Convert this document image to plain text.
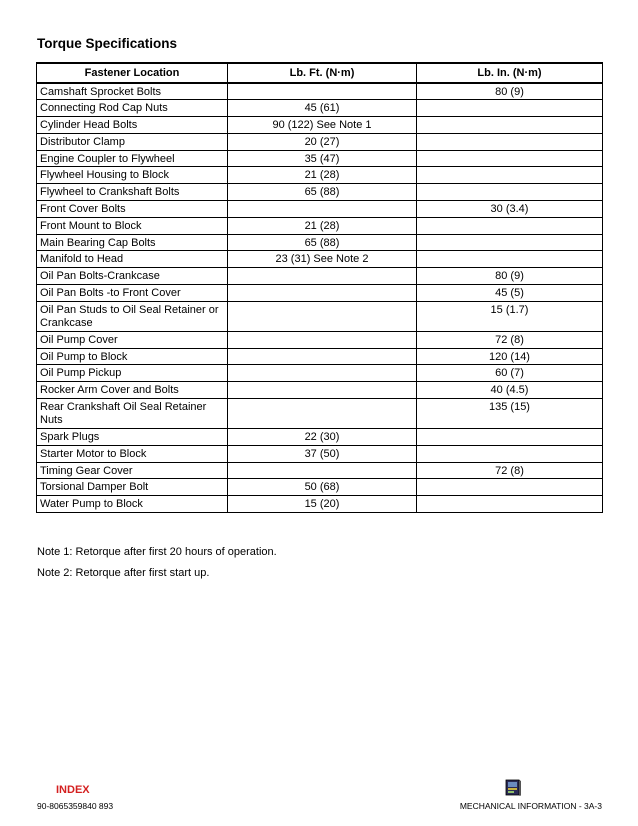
Torque Specifications
Fastener Location	Lb. Ft. (N·m)	Lb. In. (N·m)
Camshaft Sprocket Bolts		80 (9)
Connecting Rod Cap Nuts	45 (61)	
Cylinder Head Bolts	90 (122) See Note 1	
Distributor Clamp	20 (27)	
Engine Coupler to Flywheel	35 (47)	
Flywheel Housing to Block	21 (28)	
Flywheel to Crankshaft Bolts	65 (88)	
Front Cover Bolts		30 (3.4)
Front Mount to Block	21 (28)	
Main Bearing Cap Bolts	65 (88)	
Manifold to Head	23 (31) See Note 2	
Oil Pan Bolts-Crankcase		80 (9)
Oil Pan Bolts -to Front Cover		45 (5)
Oil Pan Studs to Oil Seal Retainer or Crankcase		15 (1.7)
Oil Pump Cover		72 (8)
Oil Pump to Block		120 (14)
Oil Pump Pickup		60 (7)
Rocker Arm Cover and Bolts		40 (4.5)
Rear Crankshaft Oil Seal Retainer Nuts		135 (15)
Spark Plugs	22 (30)	
Starter Motor to Block	37 (50)	
Timing Gear Cover		72 (8)
Torsional Damper Bolt	50 (68)	
Water Pump to Block	15 (20)	
Note 1: Retorque after first 20 hours of operation.
Note 2: Retorque after first start up.
INDEX
90-8065359840 893	MECHANICAL INFORMATION - 3A-3
